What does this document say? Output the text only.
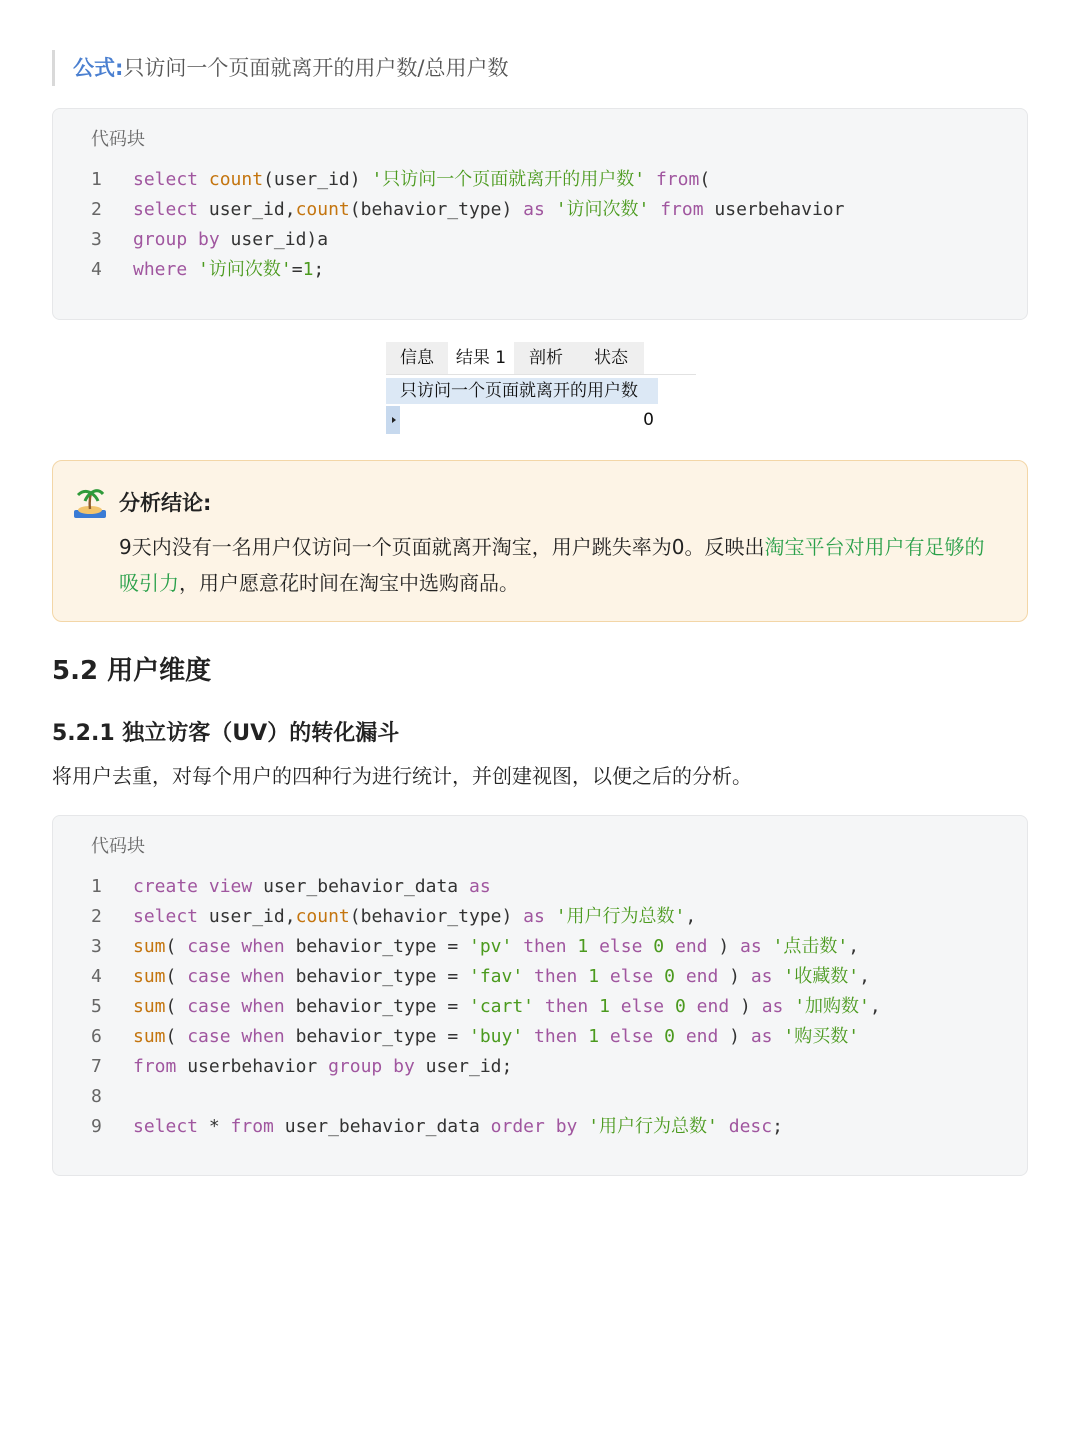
公式:只访问一个页面就离开的用户数/总用户数
代码块
1 select count(user_id) '只访问一个页面就离开的用户数' from(
2 select user_id,count(behavior_type) as '访问次数' from userbehavior
3 group by user_id)a
4 where '访问次数'=1;
信息	结果 1	剖析	状态
只访问一个页面就离开的用户数
0
分析结论:
9天内没有一名用户仅访问一个页面就离开淘宝，用户跳失率为0。反映出淘宝平台对用户有足够的吸引力，用户愿意花时间在淘宝中选购商品。
5.2 用户维度
5.2.1 独立访客（UV）的转化漏斗
将用户去重，对每个用户的四种行为进行统计，并创建视图，以便之后的分析。
代码块
1 create view user_behavior_data as
2 select user_id,count(behavior_type) as '用户行为总数',
3 sum( case when behavior_type = 'pv' then 1 else 0 end ) as '点击数',
4 sum( case when behavior_type = 'fav' then 1 else 0 end ) as '收藏数',
5 sum( case when behavior_type = 'cart' then 1 else 0 end ) as '加购数',
6 sum( case when behavior_type = 'buy' then 1 else 0 end ) as '购买数'
7 from userbehavior group by user_id;
8
9 select * from user_behavior_data order by '用户行为总数' desc;
